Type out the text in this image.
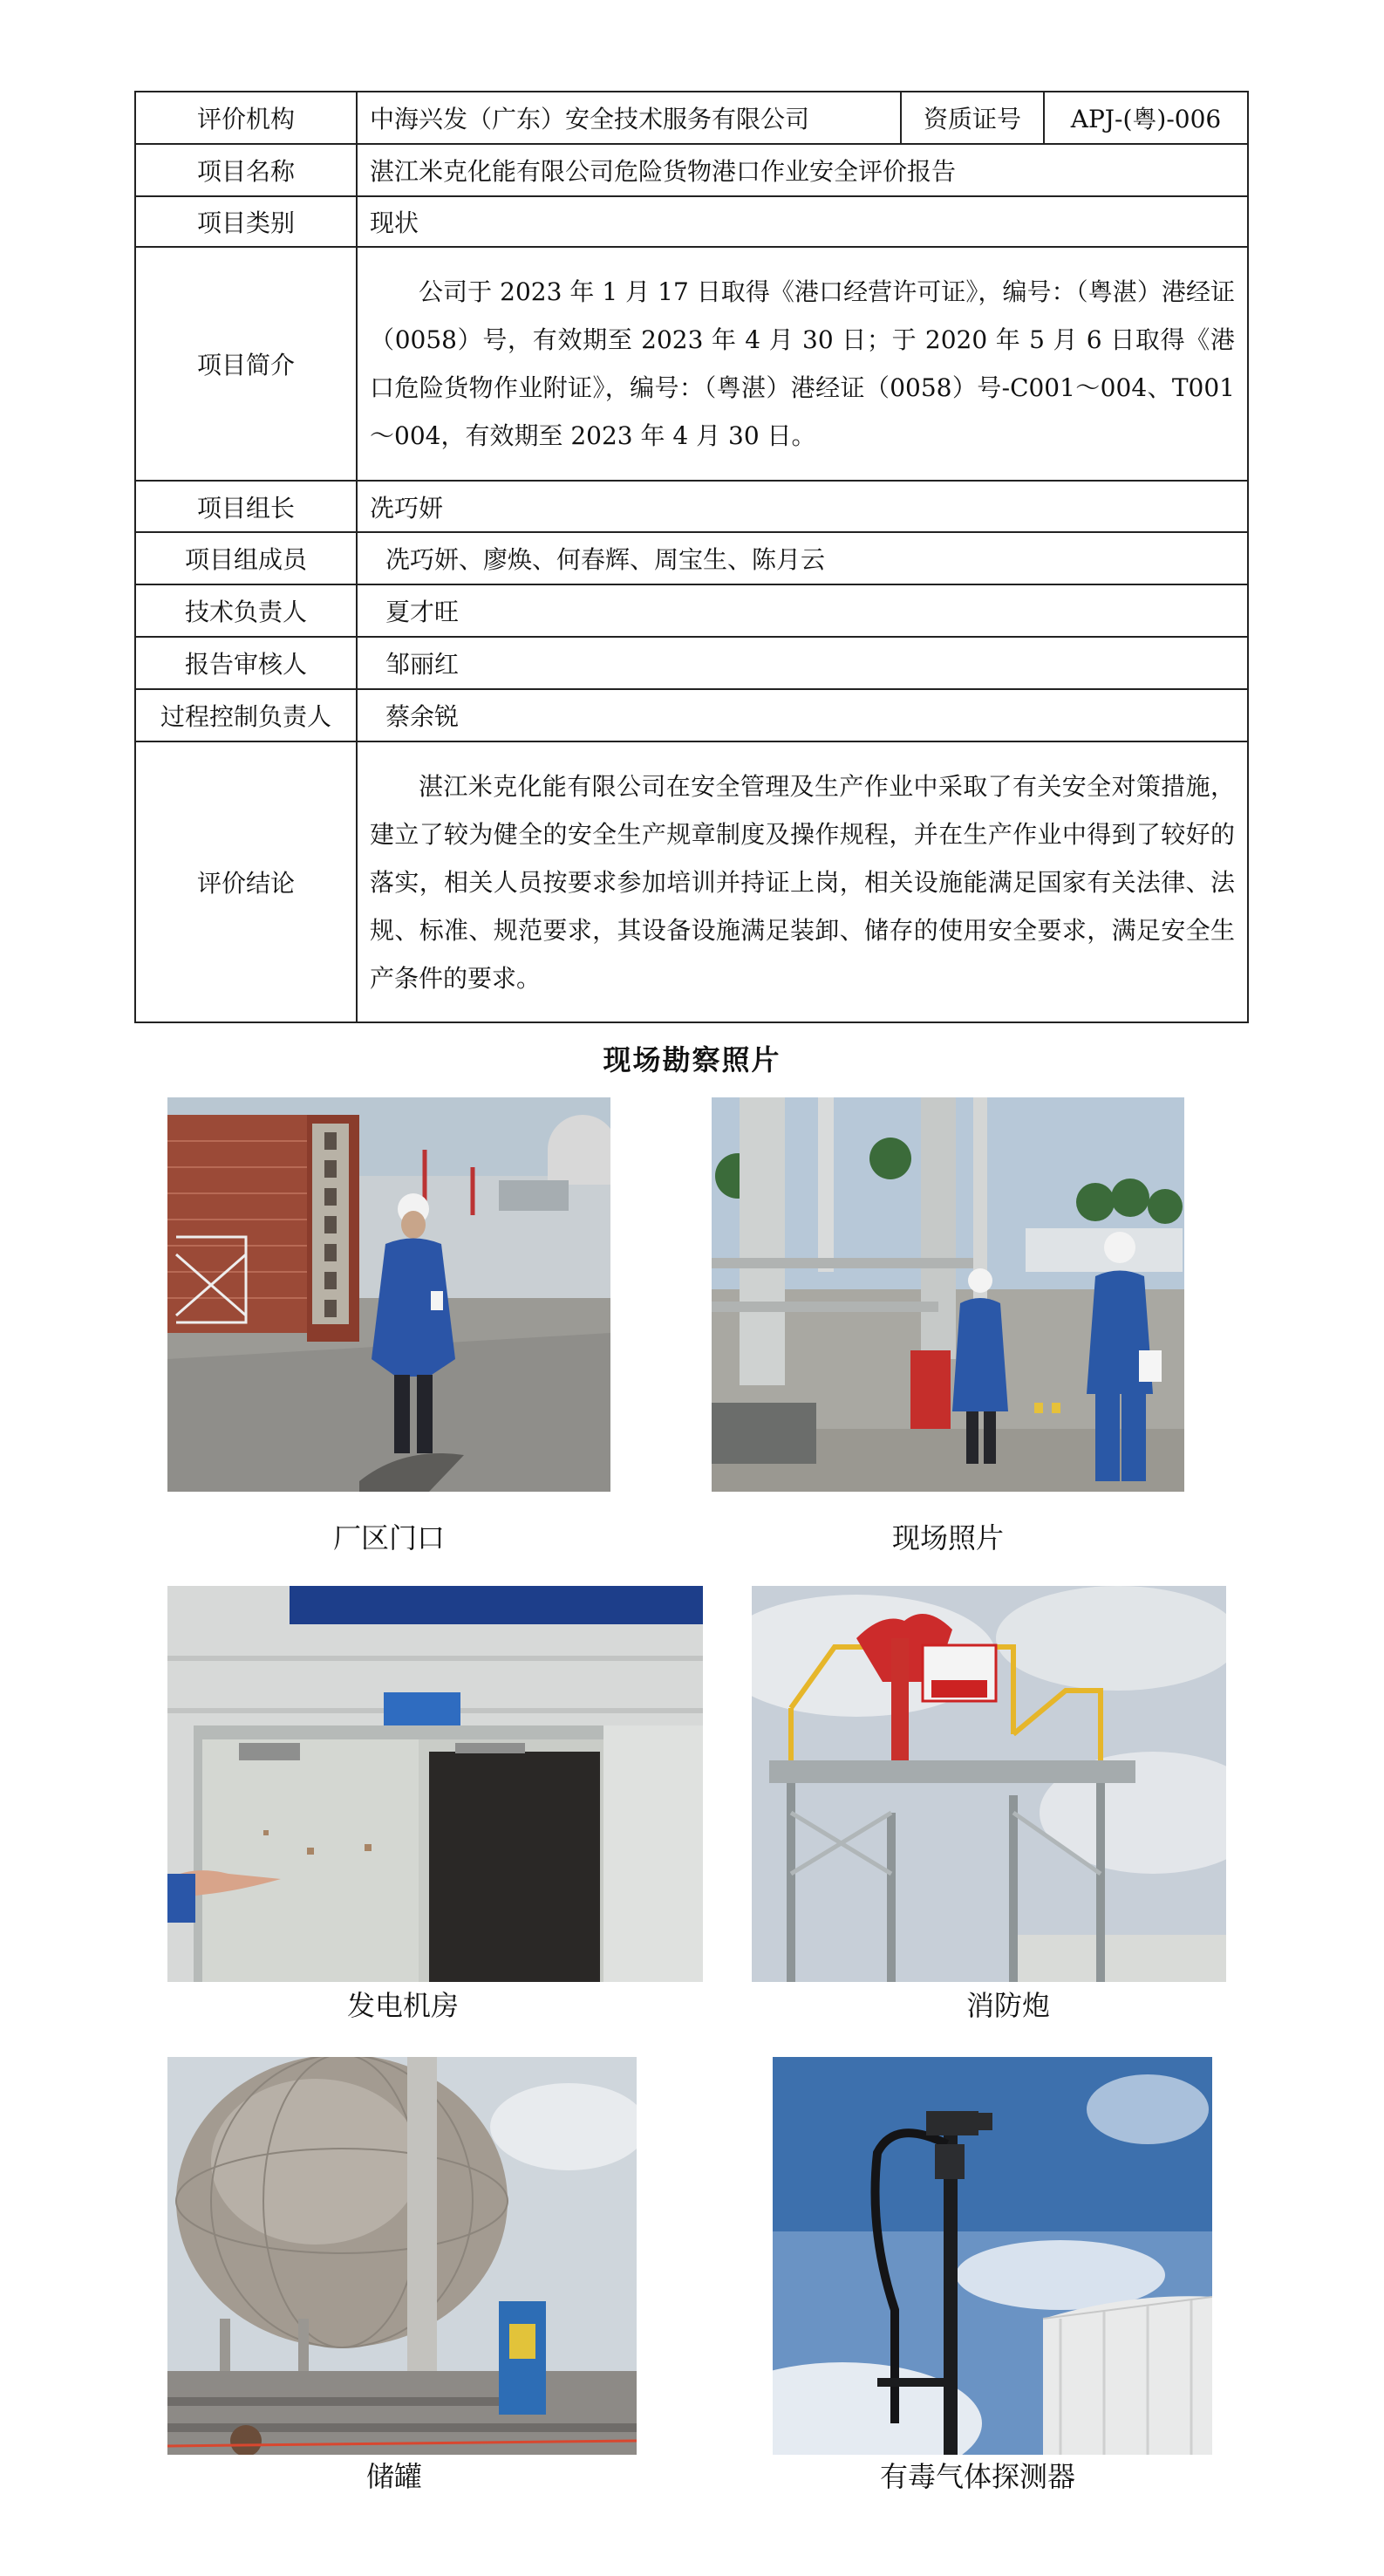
评价机构	中海兴发（广东）安全技术服务有限公司	资质证号	APJ-(粤)-006
项目名称	湛江米克化能有限公司危险货物港口作业安全评价报告		
项目类别	现状		
项目简介	公司于 2023 年 1 月 17 日取得《港口经营许可证》，编号：（粤湛）港经证（0058）号，有效期至 2023 年 4 月 30 日；于 2020 年 5 月 6 日取得《港口危险货物作业附证》，编号：（粤湛）港经证（0058）号-C001～004、T001～004，有效期至 2023 年 4 月 30 日。		
项目组长	冼巧妍		
项目组成员	冼巧妍、廖焕、何春辉、周宝生、陈月云		
技术负责人	夏才旺		
报告审核人	邹丽红		
过程控制负责人	蔡余锐		
评价结论	湛江米克化能有限公司在安全管理及生产作业中采取了有关安全对策措施，建立了较为健全的安全生产规章制度及操作规程，并在生产作业中得到了较好的落实，相关人员按要求参加培训并持证上岗，相关设施能满足国家有关法律、法规、标准、规范要求，其设备设施满足装卸、储存的使用安全要求，满足安全生产条件的要求。		
现场勘察照片
厂区门口	现场照片
发电机房	消防炮
储罐	有毒气体探测器
